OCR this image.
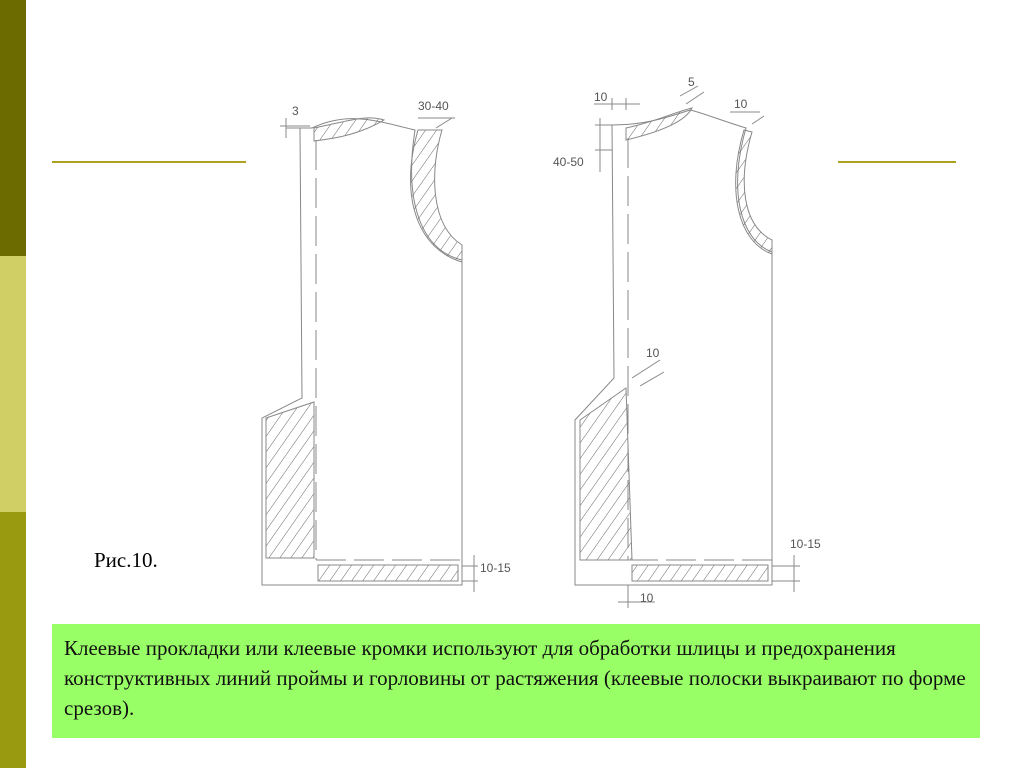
3	30-40
10-15
10
5
10
40-50
10
10-15
10
Рис.10.

Клеевые прокладки или клеевые кромки используют для обработки шлицы и предохранения конструктивных линий проймы и горловины от растяжения (клеевые полоски выкраивают по форме срезов).
